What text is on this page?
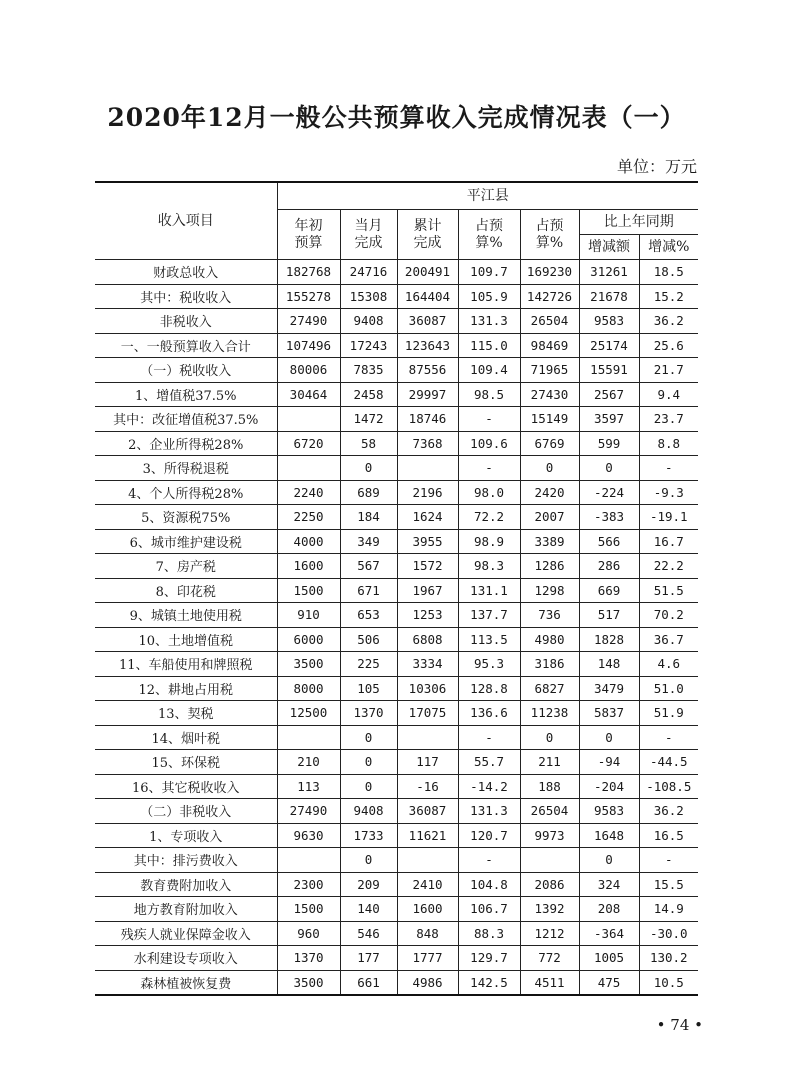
2020年12月一般公共预算收入完成情况表（一）
单位：万元
收入项目	平江县						
	年初预算	当月完成	累计完成	占预算%	占预算%	比上年同期	
						增减额	增减%
财政总收入	182768	24716	200491	109.7	169230	31261	18.5
其中：税收收入	155278	15308	164404	105.9	142726	21678	15.2
非税收入	27490	9408	36087	131.3	26504	9583	36.2
一、一般预算收入合计	107496	17243	123643	115.0	98469	25174	25.6
（一）税收收入	80006	7835	87556	109.4	71965	15591	21.7
1、增值税37.5%	30464	2458	29997	98.5	27430	2567	9.4
其中：改征增值税37.5%		1472	18746	-	15149	3597	23.7
2、企业所得税28%	6720	58	7368	109.6	6769	599	8.8
3、所得税退税		0		-	0	0	-
4、个人所得税28%	2240	689	2196	98.0	2420	-224	-9.3
5、资源税75%	2250	184	1624	72.2	2007	-383	-19.1
6、城市维护建设税	4000	349	3955	98.9	3389	566	16.7
7、房产税	1600	567	1572	98.3	1286	286	22.2
8、印花税	1500	671	1967	131.1	1298	669	51.5
9、城镇土地使用税	910	653	1253	137.7	736	517	70.2
10、土地增值税	6000	506	6808	113.5	4980	1828	36.7
11、车船使用和牌照税	3500	225	3334	95.3	3186	148	4.6
12、耕地占用税	8000	105	10306	128.8	6827	3479	51.0
13、契税	12500	1370	17075	136.6	11238	5837	51.9
14、烟叶税		0		-	0	0	-
15、环保税	210	0	117	55.7	211	-94	-44.5
16、其它税收收入	113	0	-16	-14.2	188	-204	-108.5
（二）非税收入	27490	9408	36087	131.3	26504	9583	36.2
1、专项收入	9630	1733	11621	120.7	9973	1648	16.5
其中：排污费收入		0		-		0	-
教育费附加收入	2300	209	2410	104.8	2086	324	15.5
地方教育附加收入	1500	140	1600	106.7	1392	208	14.9
残疾人就业保障金收入	960	546	848	88.3	1212	-364	-30.0
水利建设专项收入	1370	177	1777	129.7	772	1005	130.2
森林植被恢复费	3500	661	4986	142.5	4511	475	10.5
• 74 •
